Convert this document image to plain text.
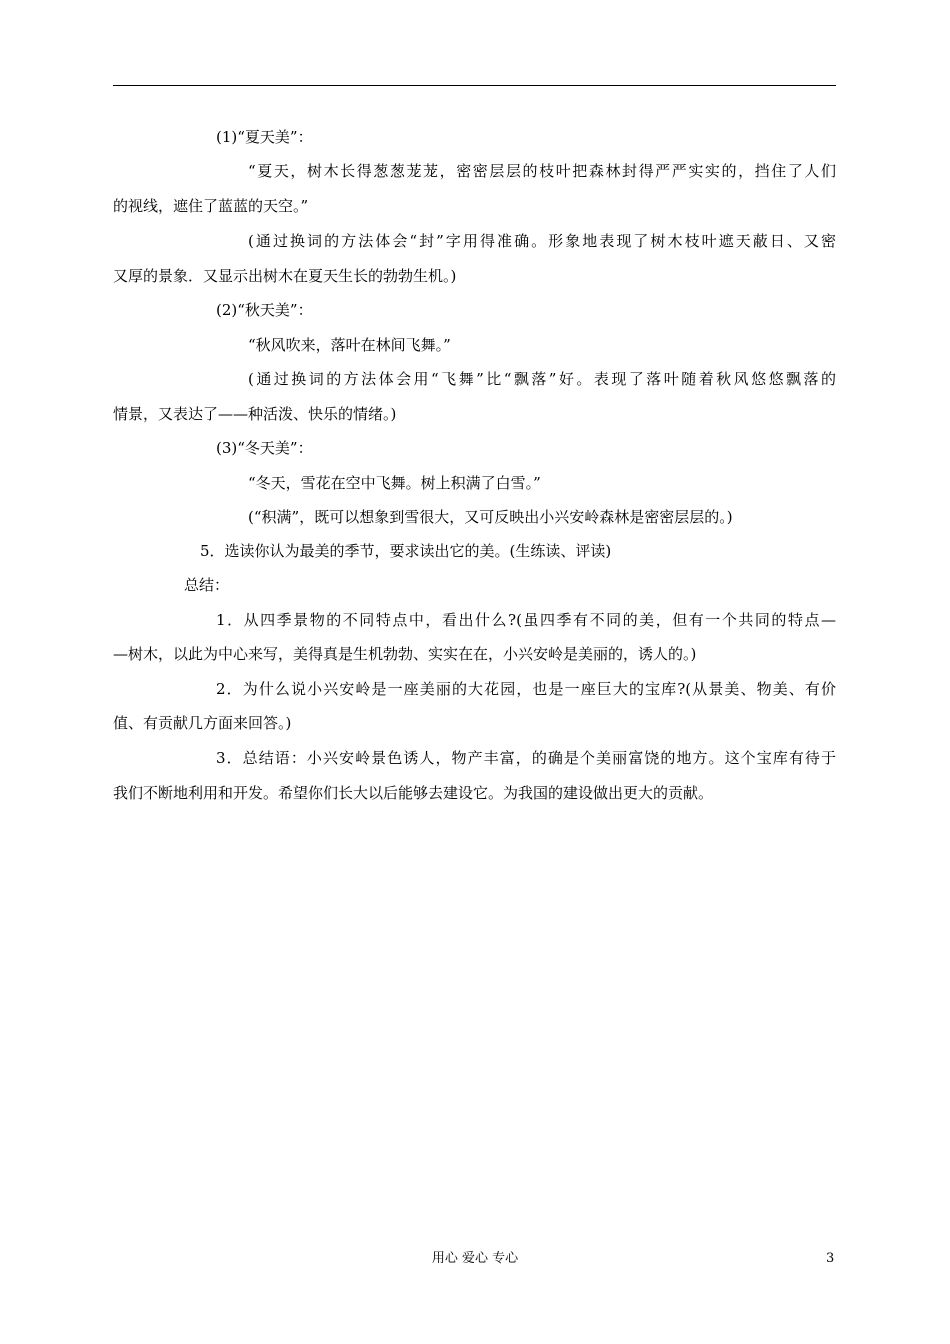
(1)“夏天美”：
“夏天，树木长得葱葱茏茏，密密层层的枝叶把森林封得严严实实的，挡住了人们
的视线，遮住了蓝蓝的天空。”
(通过换词的方法体会“封”字用得准确。形象地表现了树木枝叶遮天蔽日、又密
又厚的景象．又显示出树木在夏天生长的勃勃生机。)
(2)“秋天美”：
“秋风吹来，落叶在林间飞舞。”
(通过换词的方法体会用“飞舞”比“飘落”好。表现了落叶随着秋风悠悠飘落的
情景，又表达了——种活泼、快乐的情绪。)
(3)“冬天美”：
“冬天，雪花在空中飞舞。树上积满了白雪。”
(“积满”，既可以想象到雪很大，又可反映出小兴安岭森林是密密层层的。)
5．选读你认为最美的季节，要求读出它的美。(生练读、评读)
总结：
1．从四季景物的不同特点中，看出什么?(虽四季有不同的美，但有一个共同的特点—
—树木，以此为中心来写，美得真是生机勃勃、实实在在，小兴安岭是美丽的，诱人的。)
2．为什么说小兴安岭是一座美丽的大花园，也是一座巨大的宝库?(从景美、物美、有价
值、有贡献几方面来回答。)
3．总结语：小兴安岭景色诱人，物产丰富，的确是个美丽富饶的地方。这个宝库有待于
我们不断地利用和开发。希望你们长大以后能够去建设它。为我国的建设做出更大的贡献。
用心 爱心 专心	3
